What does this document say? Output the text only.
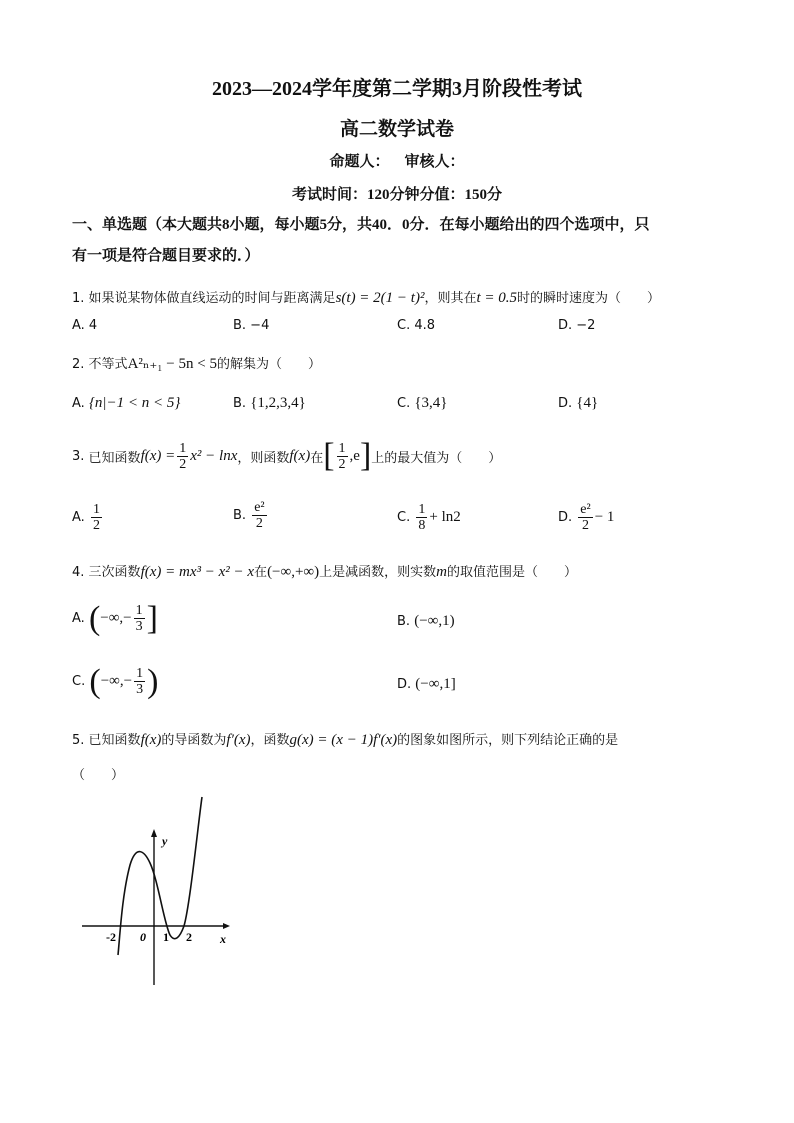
2023—2024学年度第二学期3月阶段性考试
高二数学试卷
命题人：    审核人：
考试时间：120分钟分值：150分
一、单选题（本大题共8小题，每小题5分，共40．0分．在每小题给出的四个选项中，只
有一项是符合题目要求的．）
1. 如果说某物体做直线运动的时间与距离满足s(t) = 2(1 − t)²，则其在t = 0.5时的瞬时速度为（　　）
A. 4	B. −4	C. 4.8	D. −2
2. 不等式A²ₙ₊₁ − 5n < 5的解集为（　　）
A. {n|−1 < n < 5}	B. {1,2,3,4}	C. {3,4}	D. {4}
3.
已知函数 $f(x) = \frac{1}{2} x^2 - \ln x$ ，则函数 f(x) 在 [ $\frac{1}{2} ,e$ ] 上的最大值为（　　）
A.
$\frac{1}{2}$	B.
$\frac{\text{e²}}{2}$	C.
$\frac{1}{8} + \ln 2$	D.
$\frac{\text{e²}}{2} - 1$
4. 三次函数f(x) = mx³ − x² − x在(−∞,+∞)上是减函数，则实数m的取值范围是（　　）
A.
( −∞,− $\frac{1}{3}$ ]	B. (−∞,1)
C.
( −∞,− $\frac{1}{3}$ )	D. (−∞,1]
5. 已知函数f(x)的导函数为f′(x)，函数g(x) = (x − 1)f′(x)的图象如图所示，则下列结论正确的是
（　　）
y
x
-2 0 1 2
